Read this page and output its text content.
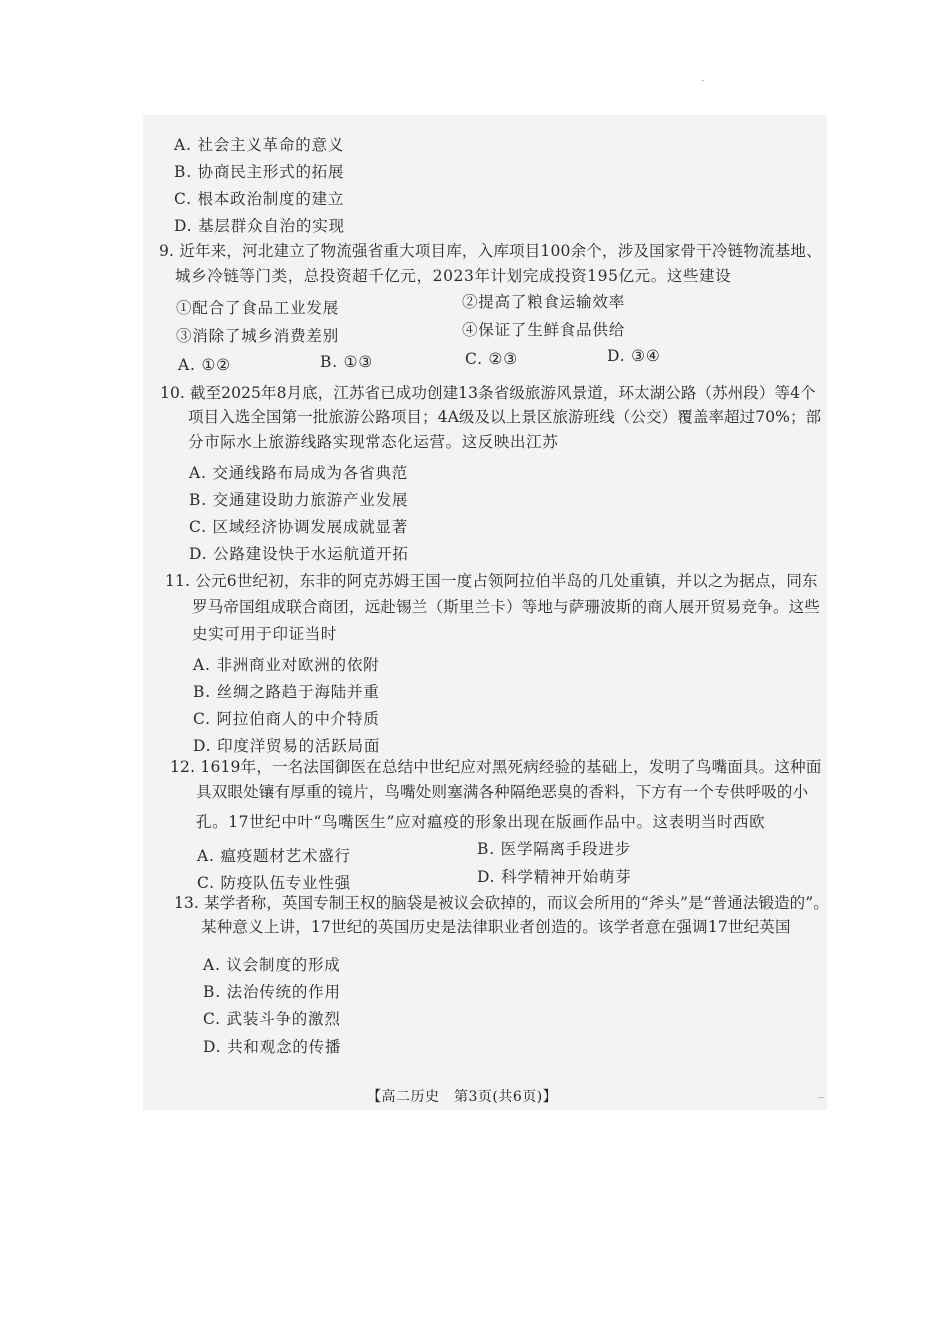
A. 社会主义革命的意义
B. 协商民主形式的拓展
C. 根本政治制度的建立
D. 基层群众自治的实现
9. 近年来，河北建立了物流强省重大项目库，入库项目100余个，涉及国家骨干冷链物流基地、
城乡冷链等门类，总投资超千亿元，2023年计划完成投资195亿元。这些建设
①配合了食品工业发展	②提高了粮食运输效率
③消除了城乡消费差别	④保证了生鲜食品供给
A. ①②	B. ①③	C. ②③	D. ③④
10. 截至2025年8月底，江苏省已成功创建13条省级旅游风景道，环太湖公路（苏州段）等4个
项目入选全国第一批旅游公路项目；4A级及以上景区旅游班线（公交）覆盖率超过70%；部
分市际水上旅游线路实现常态化运营。这反映出江苏
A. 交通线路布局成为各省典范
B. 交通建设助力旅游产业发展
C. 区域经济协调发展成就显著
D. 公路建设快于水运航道开拓
11. 公元6世纪初，东非的阿克苏姆王国一度占领阿拉伯半岛的几处重镇，并以之为据点，同东
罗马帝国组成联合商团，远赴锡兰（斯里兰卡）等地与萨珊波斯的商人展开贸易竞争。这些
史实可用于印证当时
A. 非洲商业对欧洲的依附
B. 丝绸之路趋于海陆并重
C. 阿拉伯商人的中介特质
D. 印度洋贸易的活跃局面
12. 1619年，一名法国御医在总结中世纪应对黑死病经验的基础上，发明了鸟嘴面具。这种面
具双眼处镶有厚重的镜片，鸟嘴处则塞满各种隔绝恶臭的香料，下方有一个专供呼吸的小
孔。17世纪中叶“鸟嘴医生”应对瘟疫的形象出现在版画作品中。这表明当时西欧
A. 瘟疫题材艺术盛行	B. 医学隔离手段进步
C. 防疫队伍专业性强	D. 科学精神开始萌芽
13. 某学者称，英国专制王权的脑袋是被议会砍掉的，而议会所用的“斧头”是“普通法锻造的”。
某种意义上讲，17世纪的英国历史是法律职业者创造的。该学者意在强调17世纪英国
A. 议会制度的形成
B. 法治传统的作用
C. 武装斗争的激烈
D. 共和观念的传播
【高二历史　第3页(共6页)】
